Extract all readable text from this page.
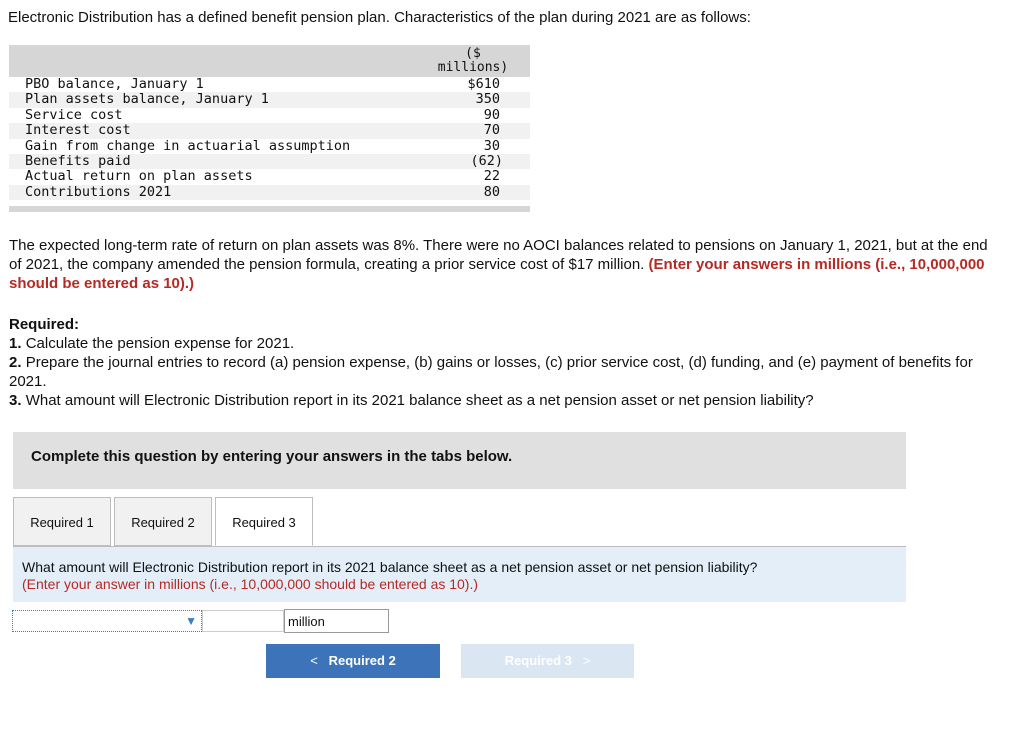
Electronic Distribution has a defined benefit pension plan. Characteristics of the plan during 2021 are as follows:
($
millions)
PBO balance, January 1	$610
Plan assets balance, January 1	350
Service cost	90
Interest cost	70
Gain from change in actuarial assumption	30
Benefits paid	(62)
Actual return on plan assets	22
Contributions 2021	80
The expected long-term rate of return on plan assets was 8%. There were no AOCI balances related to pensions on January 1, 2021, but at the end of 2021, the company amended the pension formula, creating a prior service cost of $17 million. (Enter your answers in millions (i.e., 10,000,000 should be entered as 10).)

Required:

1. Calculate the pension expense for 2021.

2. Prepare the journal entries to record (a) pension expense, (b) gains or losses, (c) prior service cost, (d) funding, and (e) payment of benefits for 2021.

3. What amount will Electronic Distribution report in its 2021 balance sheet as a net pension asset or net pension liability?

Complete this question by entering your answers in the tabs below.
Required 1	Required 2	Required 3
What amount will Electronic Distribution report in its 2021 balance sheet as a net pension asset or net pension liability?
(Enter your answer in millions (i.e., 10,000,000 should be entered as 10).)
▼	million
< Required 2	Required 3 >
